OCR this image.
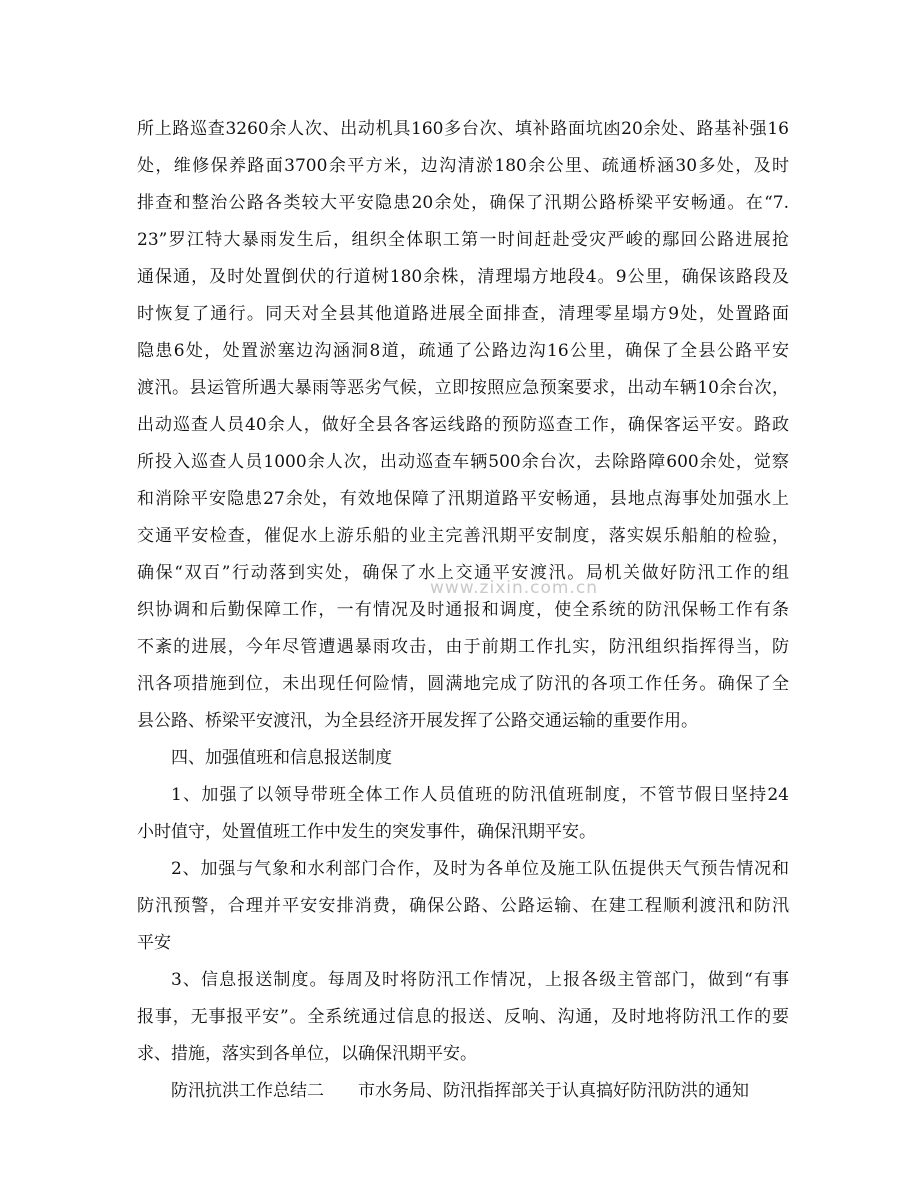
www.zixin.com.cn
所上路巡查3260余人次、出动机具160多台次、填补路面坑凼20余处、路基补强16
处，维修保养路面3700余平方米，边沟清淤180余公里、疏通桥涵30多处，及时
排查和整治公路各类较大平安隐患20余处，确保了汛期公路桥梁平安畅通。在“7.
23”罗江特大暴雨发生后，组织全体职工第一时间赶赴受灾严峻的鄢回公路进展抢
通保通，及时处置倒伏的行道树180余株，清理塌方地段4。9公里，确保该路段及
时恢复了通行。同天对全县其他道路进展全面排查，清理零星塌方9处，处置路面
隐患6处，处置淤塞边沟涵洞8道，疏通了公路边沟16公里，确保了全县公路平安
渡汛。县运管所遇大暴雨等恶劣气候，立即按照应急预案要求，出动车辆10余台次，
出动巡查人员40余人，做好全县各客运线路的预防巡查工作，确保客运平安。路政
所投入巡查人员1000余人次，出动巡查车辆500余台次，去除路障600余处，觉察
和消除平安隐患27余处，有效地保障了汛期道路平安畅通，县地点海事处加强水上
交通平安检查，催促水上游乐船的业主完善汛期平安制度，落实娱乐船舶的检验，
确保“双百”行动落到实处，确保了水上交通平安渡汛。局机关做好防汛工作的组
织协调和后勤保障工作，一有情况及时通报和调度，使全系统的防汛保畅工作有条
不紊的进展，今年尽管遭遇暴雨攻击，由于前期工作扎实，防汛组织指挥得当，防
汛各项措施到位，未出现任何险情，圆满地完成了防汛的各项工作任务。确保了全
县公路、桥梁平安渡汛，为全县经济开展发挥了公路交通运输的重要作用。
四、加强值班和信息报送制度
1、加强了以领导带班全体工作人员值班的防汛值班制度，不管节假日坚持24
小时值守，处置值班工作中发生的突发事件，确保汛期平安。
2、加强与气象和水利部门合作，及时为各单位及施工队伍提供天气预告情况和
防汛预警，合理并平安安排消费，确保公路、公路运输、在建工程顺利渡汛和防汛
平安
3、信息报送制度。每周及时将防汛工作情况，上报各级主管部门，做到“有事
报事，无事报平安”。全系统通过信息的报送、反响、沟通，及时地将防汛工作的要
求、措施，落实到各单位，以确保汛期平安。
防汛抗洪工作总结二　　市水务局、防汛指挥部关于认真搞好防汛防洪的通知
